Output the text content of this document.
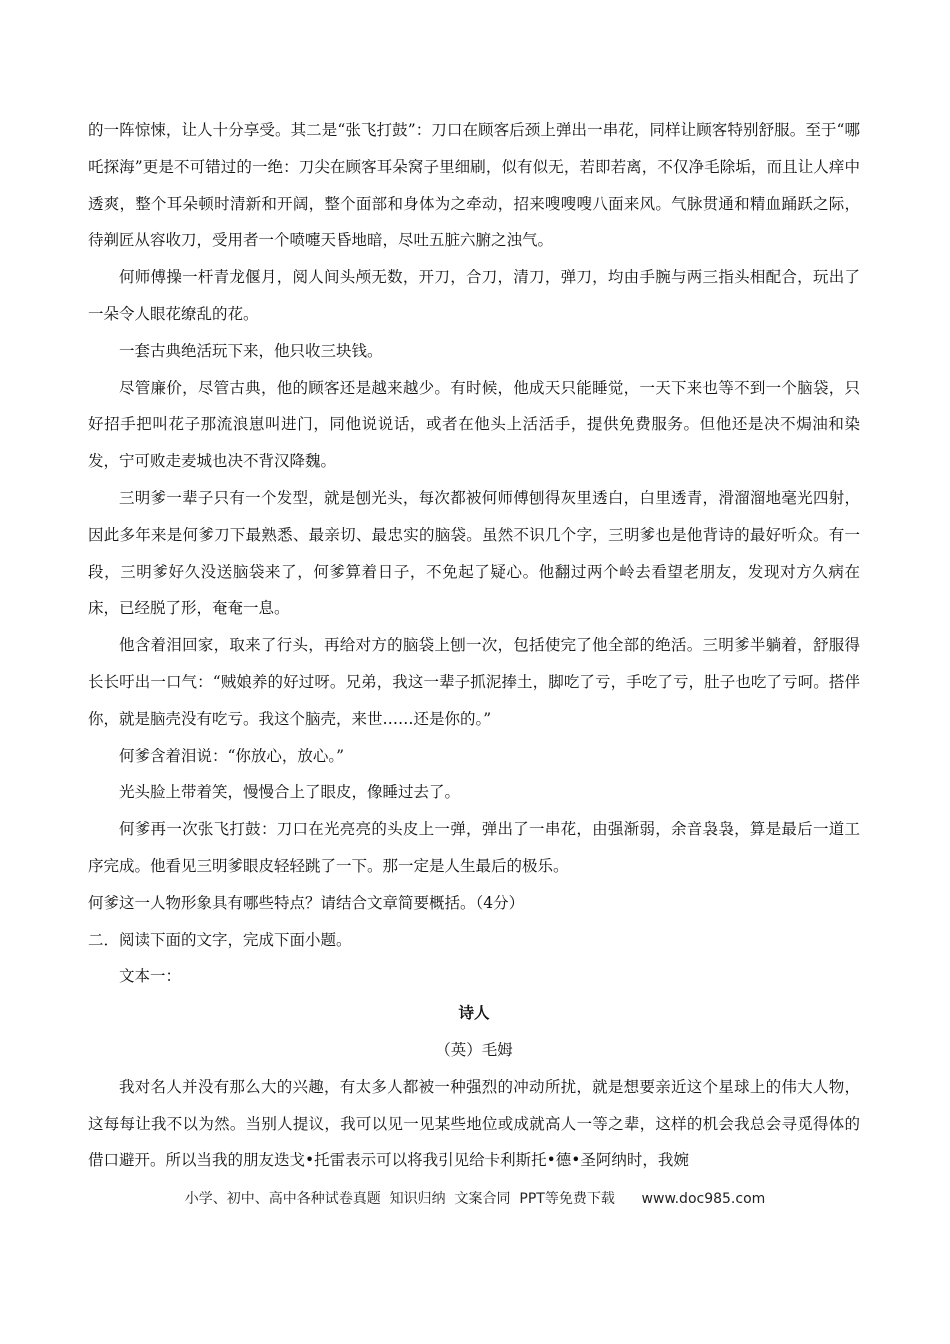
的一阵惊悚，让人十分享受。其二是“张飞打鼓”：刀口在顾客后颈上弹出一串花，同样让顾客特别舒服。至于“哪吒探海”更是不可错过的一绝：刀尖在顾客耳朵窝子里细刷，似有似无，若即若离，不仅净毛除垢，而且让人痒中透爽，整个耳朵顿时清新和开阔，整个面部和身体为之牵动，招来嗖嗖嗖八面来风。气脉贯通和精血踊跃之际，待剃匠从容收刀，受用者一个喷嚏天昏地暗，尽吐五脏六腑之浊气。

何师傅操一杆青龙偃月，阅人间头颅无数，开刀，合刀，清刀，弹刀，均由手腕与两三指头相配合，玩出了一朵令人眼花缭乱的花。

一套古典绝活玩下来，他只收三块钱。

尽管廉价，尽管古典，他的顾客还是越来越少。有时候，他成天只能睡觉，一天下来也等不到一个脑袋，只好招手把叫花子那流浪崽叫进门，同他说说话，或者在他头上活活手，提供免费服务。但他还是决不焗油和染发，宁可败走麦城也决不背汉降魏。

三明爹一辈子只有一个发型，就是刨光头，每次都被何师傅刨得灰里透白，白里透青，滑溜溜地毫光四射，因此多年来是何爹刀下最熟悉、最亲切、最忠实的脑袋。虽然不识几个字，三明爹也是他背诗的最好听众。有一段，三明爹好久没送脑袋来了，何爹算着日子，不免起了疑心。他翻过两个岭去看望老朋友，发现对方久病在床，已经脱了形，奄奄一息。

他含着泪回家，取来了行头，再给对方的脑袋上刨一次，包括使完了他全部的绝活。三明爹半躺着，舒服得长长吁出一口气：“贼娘养的好过呀。兄弟，我这一辈子抓泥捧土，脚吃了亏，手吃了亏，肚子也吃了亏呵。搭伴你，就是脑壳没有吃亏。我这个脑壳，来世……还是你的。”

何爹含着泪说：“你放心，放心。”

光头脸上带着笑，慢慢合上了眼皮，像睡过去了。

何爹再一次张飞打鼓：刀口在光亮亮的头皮上一弹，弹出了一串花，由强渐弱，余音袅袅，算是最后一道工序完成。他看见三明爹眼皮轻轻跳了一下。那一定是人生最后的极乐。

何爹这一人物形象具有哪些特点？请结合文章简要概括。（4分）

二．阅读下面的文字，完成下面小题。

文本一：

诗人

（英）毛姆

我对名人并没有那么大的兴趣，有太多人都被一种强烈的冲动所扰，就是想要亲近这个星球上的伟大人物，这每每让我不以为然。当别人提议，我可以见一见某些地位或成就高人一等之辈，这样的机会我总会寻觅得体的借口避开。所以当我的朋友迭戈•托雷表示可以将我引见给卡利斯托•德•圣阿纳时，我婉

小学、初中、高中各种试卷真题  知识归纳  文案合同  PPT等免费下载      www.doc985.com
